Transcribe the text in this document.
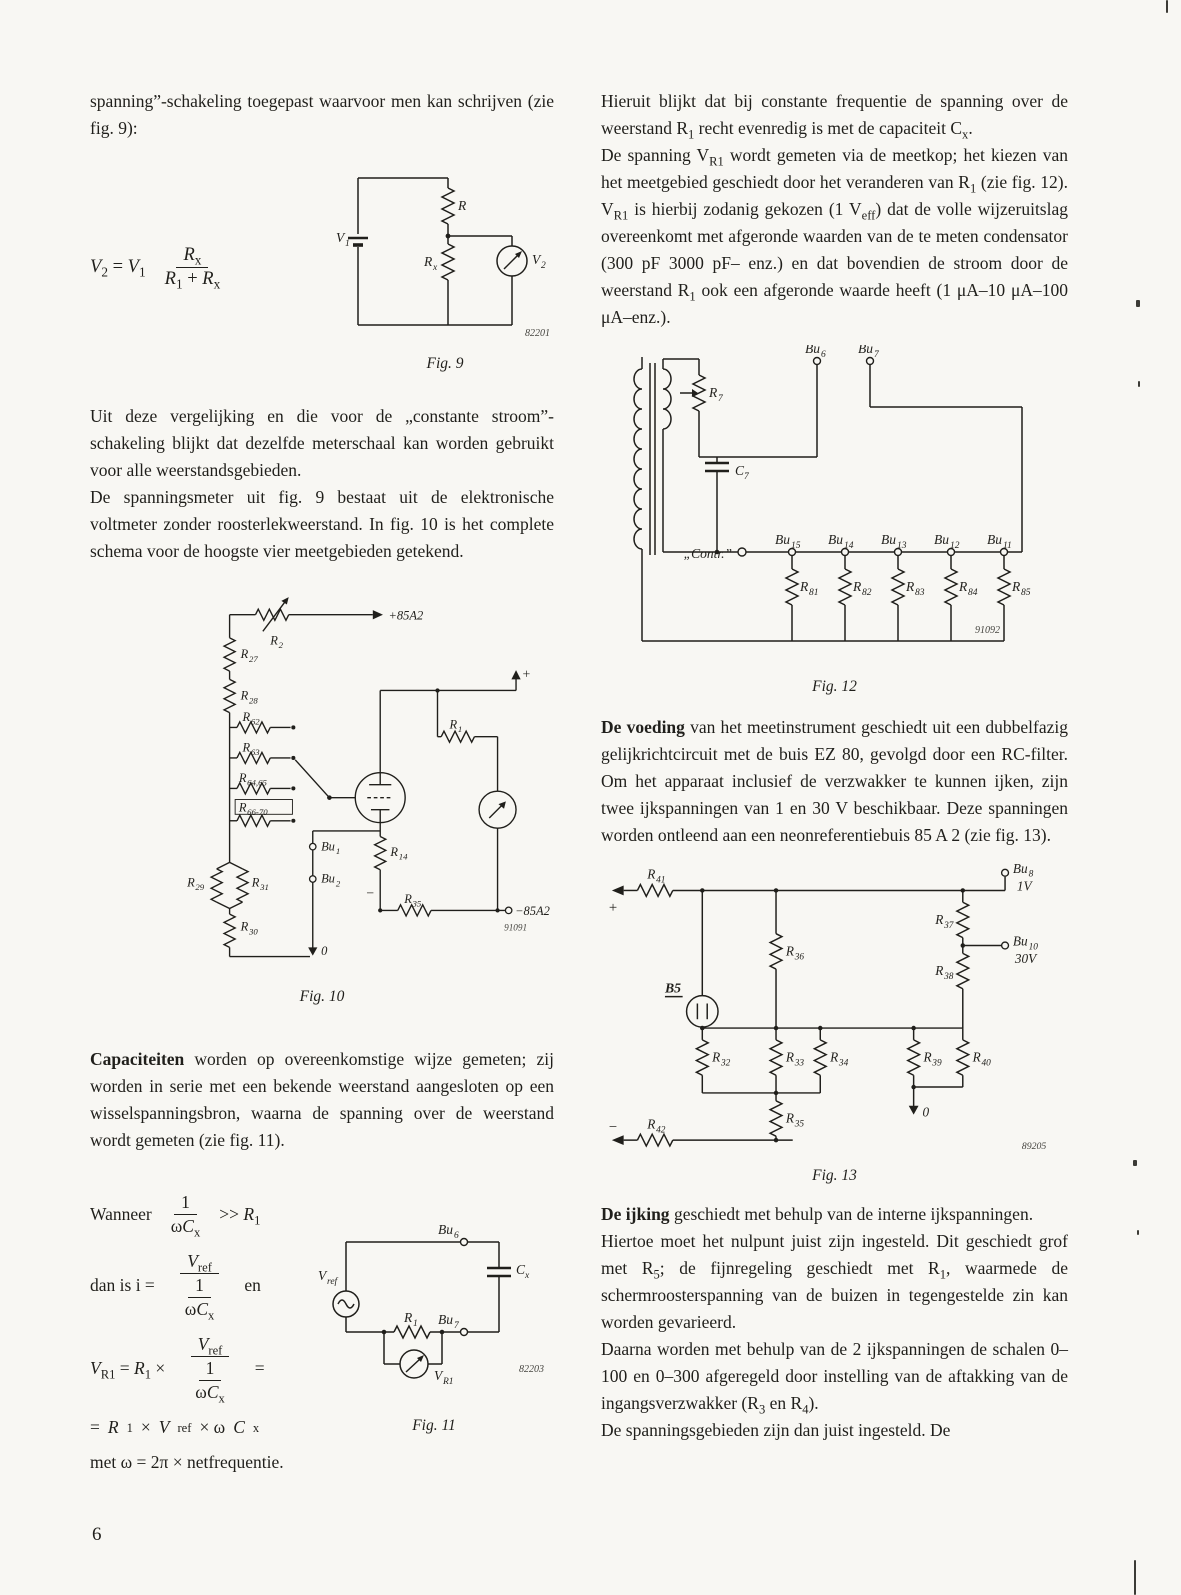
spanning”-schakeling toegepast waarvoor men kan schrijven (zie fig. 9):

$V_2 = V_1 \frac{R_x}{R_1 + R_x}$
V 1
R
R x
V 2
82201
Fig. 9

Uit deze vergelijking en die voor de „constante stroom”-schakeling blijkt dat dezelfde meterschaal kan worden gebruikt voor alle weerstandsgebieden.

De spanningsmeter uit fig. 9 bestaat uit de elektronische voltmeter zonder roosterlekweerstand. In fig. 10 is het complete schema voor de hoogste vier meetgebieden getekend.

+85A2
R 2
R 27
R 28
R 62
R 63
R 64,65
R 66-70
R 29	R 31
R 30
Bu 1
Bu 2
R 14
− R 35
R 1
+
−85A2
0
91091
Fig. 10

Capaciteiten worden op overeenkomstige wijze gemeten; zij worden in serie met een bekende weerstand aangesloten op een wisselspanningsbron, waarna de spanning over de weerstand wordt gemeten (zie fig. 11).

Wanneer $\frac{1}{\omega C_x} >> R_1$
dan is $i = \frac{V_{ref}}{\frac{1}{\omega C_x}}$ en
$V_{R1} = R_1 \times \frac{V_{ref}}{\frac{1}{\omega C_x}}$ =
= R 1 × V ref × ω C x
met ω = 2π × netfrequentie.
V ref
Bu 6
Bu 7
C x
R 1
V R1
82203
Fig. 11

Hieruit blijkt dat bij constante frequentie de spanning over de weerstand $R_1$ recht evenredig is met de capaciteit $C_x$.

De spanning $V_{R1}$ wordt gemeten via de meetkop; het kiezen van het meetgebied geschiedt door het veranderen van $R_1$ (zie fig. 12). $V_{R1}$ is hierbij zodanig gekozen (1 $V_{eff}$) dat de volle wijzeruitslag overeenkomt met afgeronde waarden van de te meten condensator (300 pF 3000 pF– enz.) en dat bovendien de stroom door de weerstand $R_1$ ook een afgeronde waarde heeft (1 μA–10 μA–100 μA–enz.).

R 7
C 7
Bu 6 Bu 7
„Contr.”
Bu 15 Bu 14 Bu 13 Bu 12 Bu 11
R 81	R 82	R 83	R 84	R 85
91092
Fig. 12

De voeding van het meetinstrument geschiedt uit een dubbelfazig gelijkrichtcircuit met de buis EZ 80, gevolgd door een RC-filter. Om het apparaat inclusief de verzwakker te kunnen ijken, zijn twee ijkspanningen van 1 en 30 V beschikbaar. Deze spanningen worden ontleend aan een neonreferentiebuis 85 A 2 (zie fig. 13).

+
−
R 41
R 42
Bu 8
1V
Bu 10
30V
R 37
R 38
B5
R 36
R 32	R 33 R 34	R 39 R 40
R 35
0
89205
Fig. 13

De ijking geschiedt met behulp van de interne ijkspanningen.

Hiertoe moet het nulpunt juist zijn ingesteld. Dit geschiedt grof met $R_5$; de fijnregeling geschiedt met $R_1$, waarmede de schermroosterspanning van de buizen in tegengestelde zin kan worden gevarieerd.

Daarna worden met behulp van de 2 ijkspanningen de schalen 0–100 en 0–300 afgeregeld door instelling van de aftakking van de ingangsverzwakker ($R_3$ en $R_4$).

De spanningsgebieden zijn dan juist ingesteld. De

6
